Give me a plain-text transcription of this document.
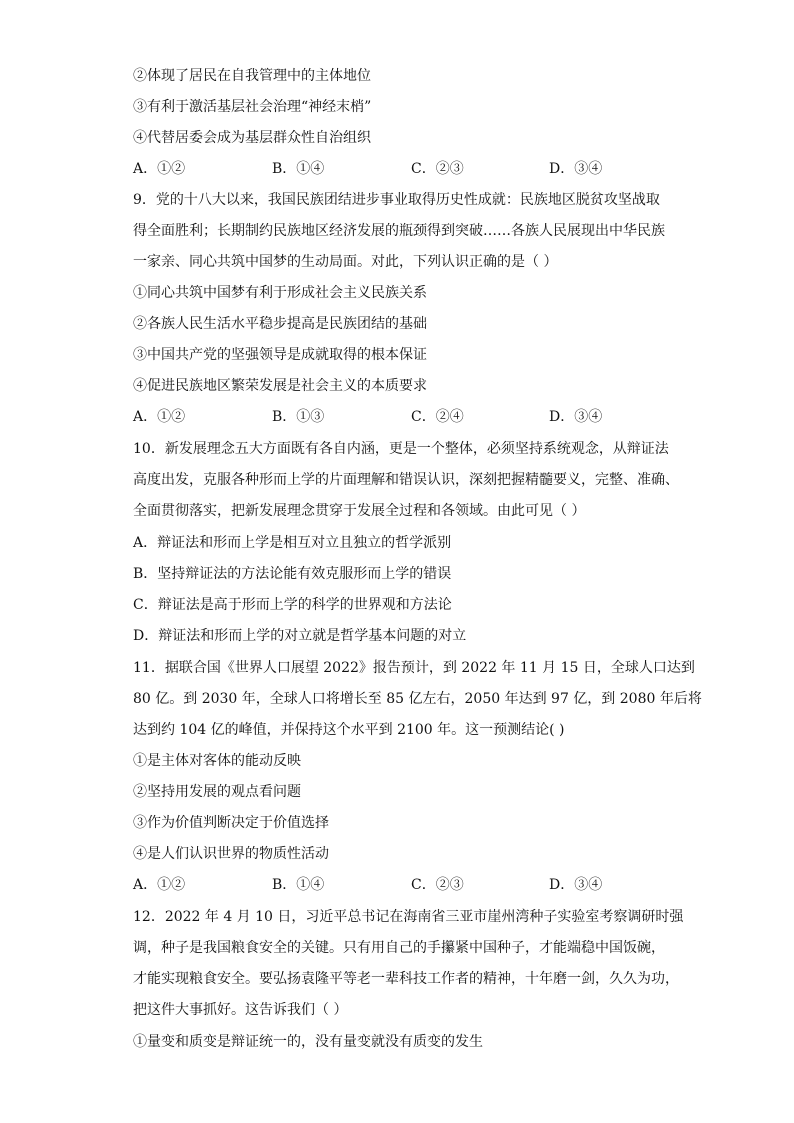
②体现了居民在自我管理中的主体地位
③有利于激活基层社会治理“神经末梢”
④代替居委会成为基层群众性自治组织
A．①②	B．①④	C．②③	D．③④
9．党的十八大以来，我国民族团结进步事业取得历史性成就：民族地区脱贫攻坚战取
得全面胜利；长期制约民族地区经济发展的瓶颈得到突破……各族人民展现出中华民族
一家亲、同心共筑中国梦的生动局面。对此，下列认识正确的是（ ）
①同心共筑中国梦有利于形成社会主义民族关系
②各族人民生活水平稳步提高是民族团结的基础
③中国共产党的坚强领导是成就取得的根本保证
④促进民族地区繁荣发展是社会主义的本质要求
A．①②	B．①③	C．②④	D．③④
10．新发展理念五大方面既有各自内涵，更是一个整体，必须坚持系统观念，从辩证法
高度出发，克服各种形而上学的片面理解和错误认识，深刻把握精髓要义，完整、准确、
全面贯彻落实，把新发展理念贯穿于发展全过程和各领域。由此可见（ ）
A．辩证法和形而上学是相互对立且独立的哲学派别
B．坚持辩证法的方法论能有效克服形而上学的错误
C．辩证法是高于形而上学的科学的世界观和方法论
D．辩证法和形而上学的对立就是哲学基本问题的对立
11．据联合国《世界人口展望 2022》报告预计，到 2022 年 11 月 15 日，全球人口达到
80 亿。到 2030 年，全球人口将增长至 85 亿左右，2050 年达到 97 亿，到 2080 年后将
达到约 104 亿的峰值，并保持这个水平到 2100 年。这一预测结论( )
①是主体对客体的能动反映
②坚持用发展的观点看问题
③作为价值判断决定于价值选择
④是人们认识世界的物质性活动
A．①②	B．①④	C．②③	D．③④
12．2022 年 4 月 10 日，习近平总书记在海南省三亚市崖州湾种子实验室考察调研时强
调，种子是我国粮食安全的关键。只有用自己的手攥紧中国种子，才能端稳中国饭碗，
才能实现粮食安全。要弘扬袁隆平等老一辈科技工作者的精神，十年磨一剑，久久为功，
把这件大事抓好。这告诉我们（ ）
①量变和质变是辩证统一的，没有量变就没有质变的发生
